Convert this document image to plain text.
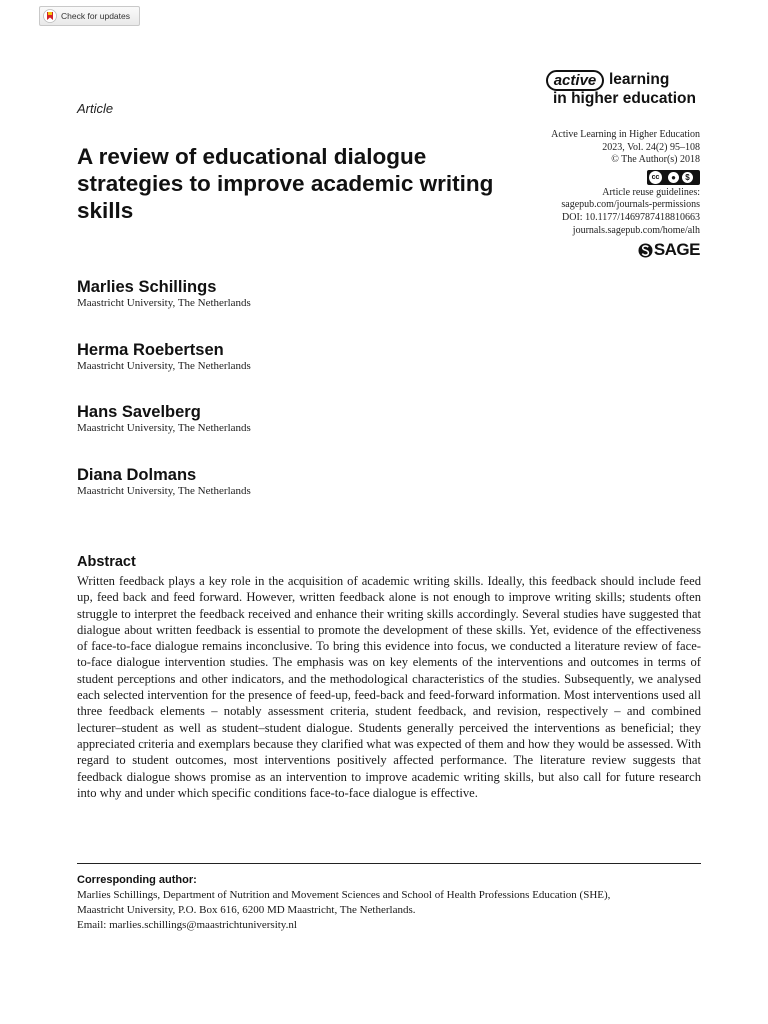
Check for updates
active learning
in higher education
Article
A review of educational dialogue strategies to improve academic writing skills
Active Learning in Higher Education
2023, Vol. 24(2) 95–108
© The Author(s) 2018
cc	●	$
Article reuse guidelines:
sagepub.com/journals-permissions
DOI: 10.1177/1469787418810663
journals.sagepub.com/home/alh
SAGE
Marlies Schillings
Maastricht University, The Netherlands
Herma Roebertsen
Maastricht University, The Netherlands
Hans Savelberg
Maastricht University, The Netherlands
Diana Dolmans
Maastricht University, The Netherlands
Abstract

Written feedback plays a key role in the acquisition of academic writing skills. Ideally, this feedback should include feed up, feed back and feed forward. However, written feedback alone is not enough to improve writing skills; students often struggle to interpret the feedback received and enhance their writing skills accordingly. Several studies have suggested that dialogue about written feedback is essential to promote the development of these skills. Yet, evidence of the effectiveness of face-to-face dialogue remains inconclusive. To bring this evidence into focus, we conducted a literature review of face-to-face dialogue intervention studies. The emphasis was on key elements of the interventions and outcomes in terms of student perceptions and other indicators, and the methodological characteristics of the studies. Subsequently, we analysed each selected intervention for the presence of feed-up, feed-back and feed-forward information. Most interventions used all three feedback elements – notably assessment criteria, student feedback, and revision, respectively – and combined lecturer–student as well as student–student dialogue. Students generally perceived the interventions as beneficial; they appreciated criteria and exemplars because they clarified what was expected of them and how they would be assessed. With regard to student outcomes, most interventions positively affected performance. The literature review suggests that feedback dialogue shows promise as an intervention to improve academic writing skills, but also call for future research into why and under which specific conditions face-to-face dialogue is effective.

Corresponding author:
Marlies Schillings, Department of Nutrition and Movement Sciences and School of Health Professions Education (SHE),
Maastricht University, P.O. Box 616, 6200 MD Maastricht, The Netherlands.
Email: marlies.schillings@maastrichtuniversity.nl
